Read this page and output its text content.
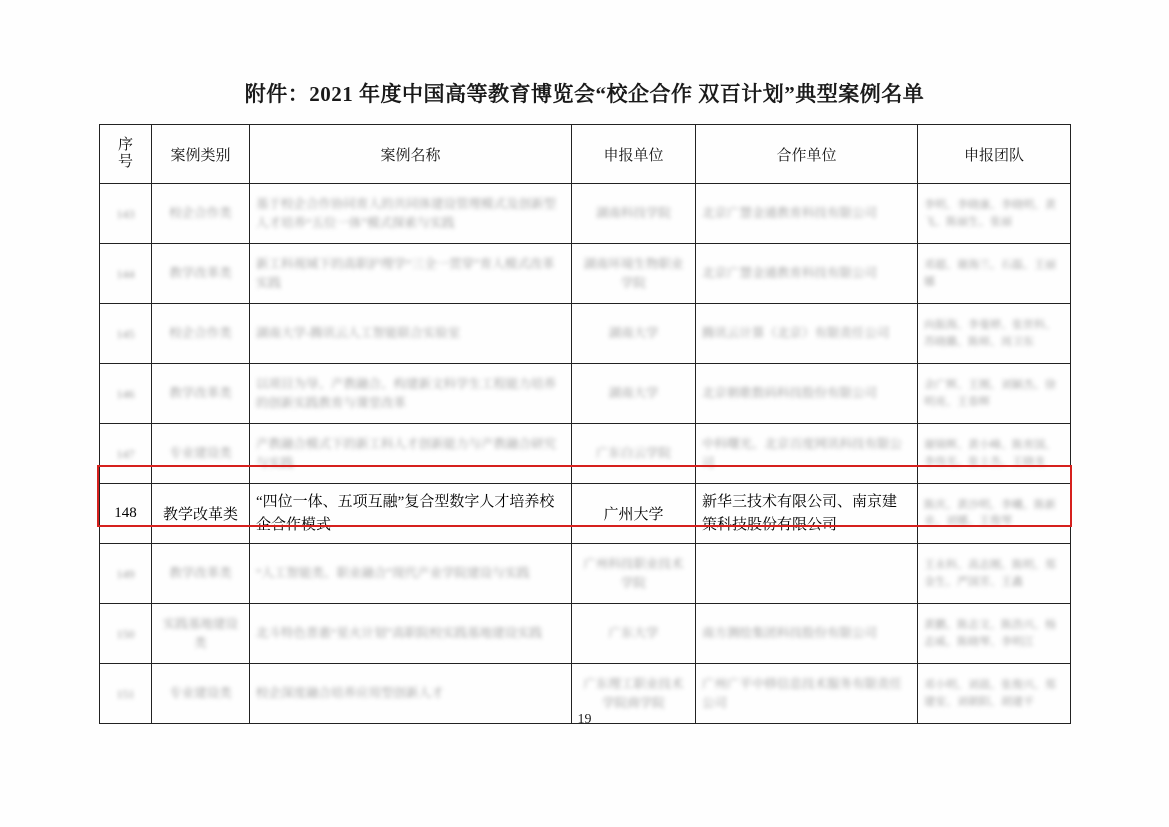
附件：2021 年度中国高等教育博览会“校企合作 双百计划”典型案例名单
序
号	案例类别	案例名称	申报单位	合作单位	申报团队
143	校企合作类	基于校企合作协同育人的共同体建设管理模式及创新型人才培养“五位一体”模式探索与实践	湖南科技学院	北京广慧金通教育科技有限公司	李明、李晓康、李晓明、黄飞、陈丽生、张丽
144	教学改革类	新工科视域下的高职护理学“三全一贯穿”育人模式改革实践	湖南环境生物职业学院	北京广慧金通教育科技有限公司	邓超、谢海兰、石磊、王丽娜
145	校企合作类	湖南大学-腾讯云人工智能联合实验室	湖南大学	腾讯云计算（北京）有限责任公司	向振海、李曼婷、张世科、苏晓璐、陈师、周卫东
146	教学改革类	以项目为导、产教融合、构建新文科学生工程能力培养的创新实践教育与课堂改革	湖南大学	北京朝歌数码科技股份有限公司	余广辉、王刚、刘颖杰、徐明亮、王春辉
147	专业建设类	产教融合模式下的新工科人才创新能力与产教融合研究与实践	广东白云学院	中科曙光、北京百度网讯科技有限公司	谢锦辉、黄小峰、陈育国、李伟光、张士杰、王晓龙
148	教学改革类	“四位一体、五项互融”复合型数字人才培养校企合作模式	广州大学	新华三技术有限公司、南京建策科技股份有限公司	陈庆、黄沙明、李曦、陈新业、刘娜、王俊琴
149	教学改革类	“人工智能类、职业融合”现代产业学院建设与实践	广州科技职业技术学院		王永科、高志刚、陈明、郑金生、严国芳、王鑫
150	实践基地建设类	北斗特色普惠“星火计划”高职院校实践基地建设实践	广东大学	南方测绘集团科技股份有限公司	黄鹏、陈志文、陈浩兴、杨志威、陈晓琴、李明江
151	专业建设类	校企深度融合培养应用型创新人才	广东理工职业技术学院商学院	广州广平中移信息技术服务有限责任公司	邓小明、刘晨、张俊兴、郑建安、刘朝阳、胡建平
19
